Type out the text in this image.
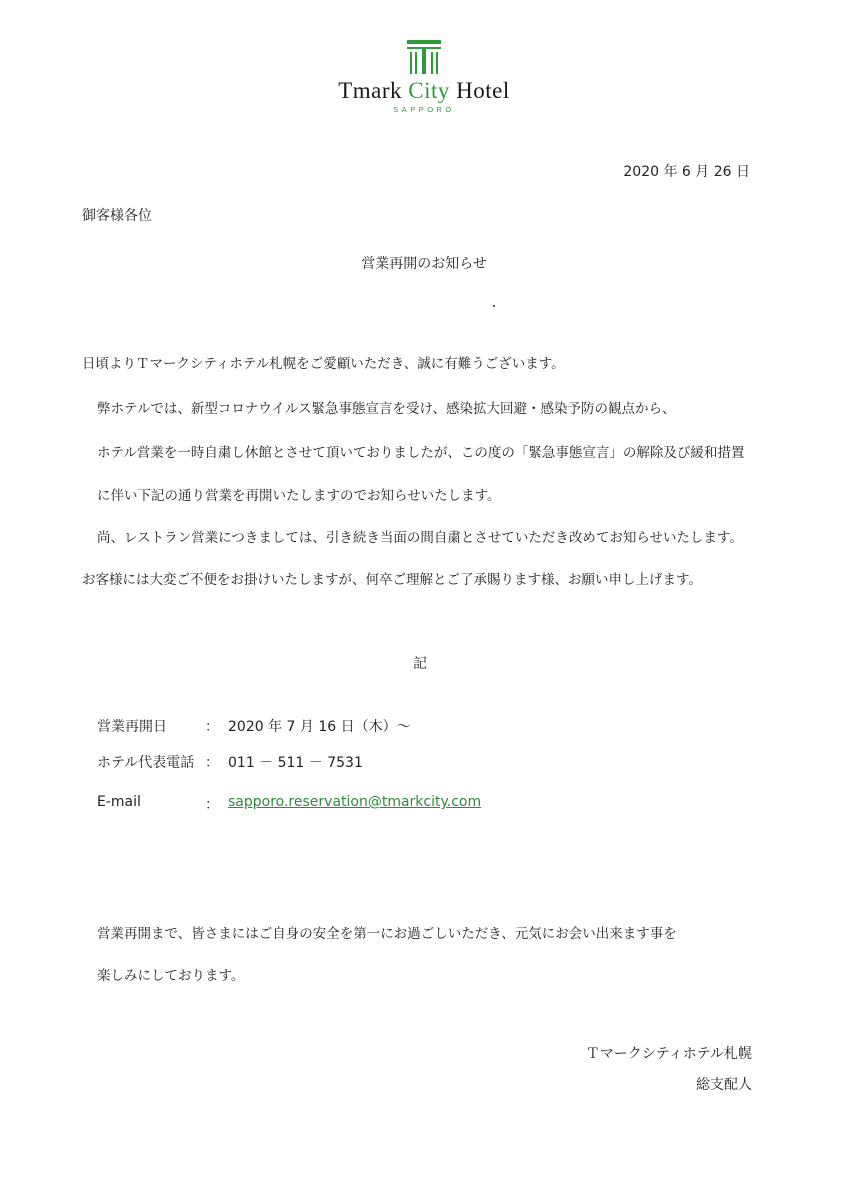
Tmark City Hotel
SAPPORO
2020 年 6 月 26 日
御客様各位
営業再開のお知らせ
日頃よりＴマークシティホテル札幌をご愛顧いただき、誠に有難うございます。
弊ホテルでは、新型コロナウイルス緊急事態宣言を受け、感染拡大回避・感染予防の観点から、
ホテル営業を一時自粛し休館とさせて頂いておりましたが、この度の「緊急事態宣言」の解除及び緩和措置
に伴い下記の通り営業を再開いたしますのでお知らせいたします。
尚、レストラン営業につきましては、引き続き当面の間自粛とさせていただき改めてお知らせいたします。
お客様には大変ご不便をお掛けいたしますが、何卒ご理解とご了承賜ります様、お願い申し上げます。
記
営業再開日	： 2020 年 7 月 16 日（木）～
ホテル代表電話 ： 011 － 511 － 7531
E-mail	： sapporo.reservation@tmarkcity.com
営業再開まで、皆さまにはご自身の安全を第一にお過ごしいただき、元気にお会い出来ます事を
楽しみにしております。
Ｔマークシティホテル札幌
総支配人
